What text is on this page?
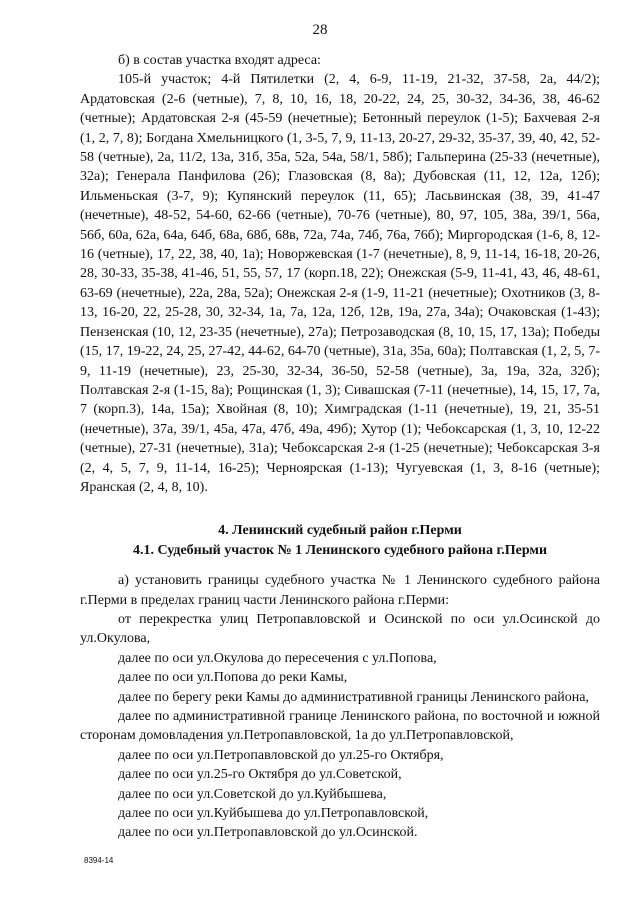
28

б) в состав участка входят адреса:

105-й участок; 4-й Пятилетки (2, 4, 6-9, 11-19, 21-32, 37-58, 2а, 44/2); Ардатовская (2-6 (четные), 7, 8, 10, 16, 18, 20-22, 24, 25, 30-32, 34-36, 38, 46-62 (четные); Ардатовская 2-я (45-59 (нечетные); Бетонный переулок (1-5); Бахчевая 2-я (1, 2, 7, 8); Богдана Хмельницкого (1, 3-5, 7, 9, 11-13, 20-27, 29-32, 35-37, 39, 40, 42, 52-58 (четные), 2а, 11/2, 13а, 31б, 35а, 52а, 54а, 58/1, 58б); Гальперина (25-33 (нечетные), 32а); Генерала Панфилова (26); Глазовская (8, 8а); Дубовская (11, 12, 12а, 12б); Ильменьская (3-7, 9); Купянский переулок (11, 65); Ласьвинская (38, 39, 41-47 (нечетные), 48-52, 54-60, 62-66 (четные), 70-76 (четные), 80, 97, 105, 38а, 39/1, 56а, 56б, 60а, 62а, 64а, 64б, 68а, 68б, 68в, 72а, 74а, 74б, 76а, 76б); Миргородская (1-6, 8, 12-16 (четные), 17, 22, 38, 40, 1а); Новоржевская (1-7 (нечетные), 8, 9, 11-14, 16-18, 20-26, 28, 30-33, 35-38, 41-46, 51, 55, 57, 17 (корп.18, 22); Онежская (5-9, 11-41, 43, 46, 48-61, 63-69 (нечетные), 22а, 28а, 52а); Онежская 2-я (1-9, 11-21 (нечетные); Охотников (3, 8-13, 16-20, 22, 25-28, 30, 32-34, 1а, 7а, 12а, 12б, 12в, 19а, 27а, 34а); Очаковская (1-43); Пензенская (10, 12, 23-35 (нечетные), 27а); Петрозаводская (8, 10, 15, 17, 13а); Победы (15, 17, 19-22, 24, 25, 27-42, 44-62, 64-70 (четные), 31а, 35а, 60а); Полтавская (1, 2, 5, 7-9, 11-19 (нечетные), 23, 25-30, 32-34, 36-50, 52-58 (четные), 3а, 19а, 32а, 32б); Полтавская 2-я (1-15, 8а); Рощинская (1, 3); Сивашская (7-11 (нечетные), 14, 15, 17, 7а, 7 (корп.3), 14а, 15а); Хвойная (8, 10); Химградская (1-11 (нечетные), 19, 21, 35-51 (нечетные), 37а, 39/1, 45а, 47а, 47б, 49а, 49б); Хутор (1); Чебоксарская (1, 3, 10, 12-22 (четные), 27-31 (нечетные), 31а); Чебоксарская 2-я (1-25 (нечетные); Чебоксарская 3-я (2, 4, 5, 7, 9, 11-14, 16-25); Черноярская (1-13); Чугуевская (1, 3, 8-16 (четные); Яранская (2, 4, 8, 10).

4. Ленинский судебный район г.Перми

4.1. Судебный участок № 1 Ленинского судебного района г.Перми

а) установить границы судебного участка № 1 Ленинского судебного района г.Перми в пределах границ части Ленинского района г.Перми:

от перекрестка улиц Петропавловской и Осинской по оси ул.Осинской до ул.Окулова,

далее по оси ул.Окулова до пересечения с ул.Попова,

далее по оси ул.Попова до реки Камы,

далее по берегу реки Камы до административной границы Ленинского района,

далее по административной границе Ленинского района, по восточной и южной сторонам домовладения ул.Петропавловской, 1а до ул.Петропавловской,

далее по оси ул.Петропавловской до ул.25-го Октября,

далее по оси ул.25-го Октября до ул.Советской,

далее по оси ул.Советской до ул.Куйбышева,

далее по оси ул.Куйбышева до ул.Петропавловской,

далее по оси ул.Петропавловской до ул.Осинской.

8394-14
